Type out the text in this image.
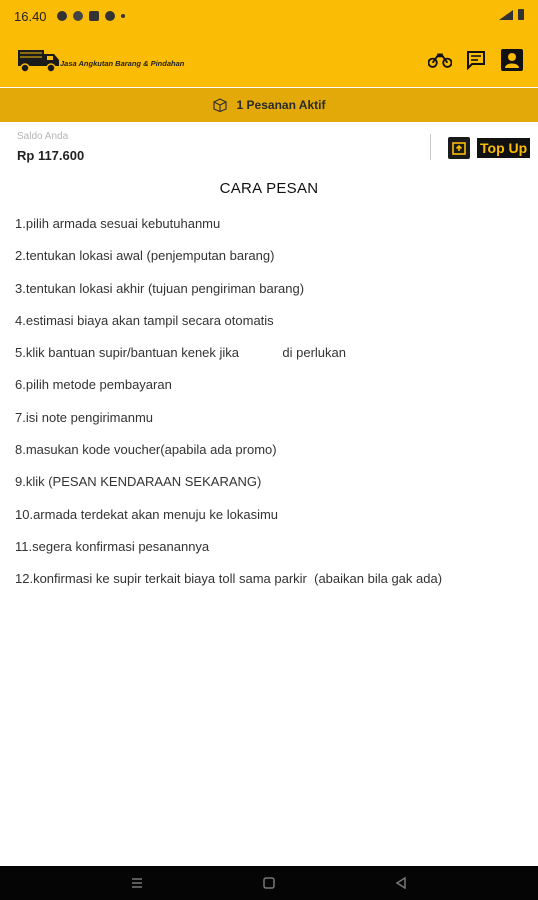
16.40
Jasa Angkutan Barang & Pindahan
1 Pesanan Aktif
Saldo Anda
Rp 117.600	Top Up
CARA PESAN
1.pilih armada sesuai kebutuhanmu
2.tentukan lokasi awal (penjemputan barang)
3.tentukan lokasi akhir (tujuan pengiriman barang)
4.estimasi biaya akan tampil secara otomatis
5.klik bantuan supir/bantuan kenek jika            di perlukan
6.pilih metode pembayaran
7.isi note pengirimanmu
8.masukan kode voucher(apabila ada promo)
9.klik (PESAN KENDARAAN SEKARANG)
10.armada terdekat akan menuju ke lokasimu
11.segera konfirmasi pesanannya
12.konfirmasi ke supir terkait biaya toll sama parkir  (abaikan bila gak ada)
